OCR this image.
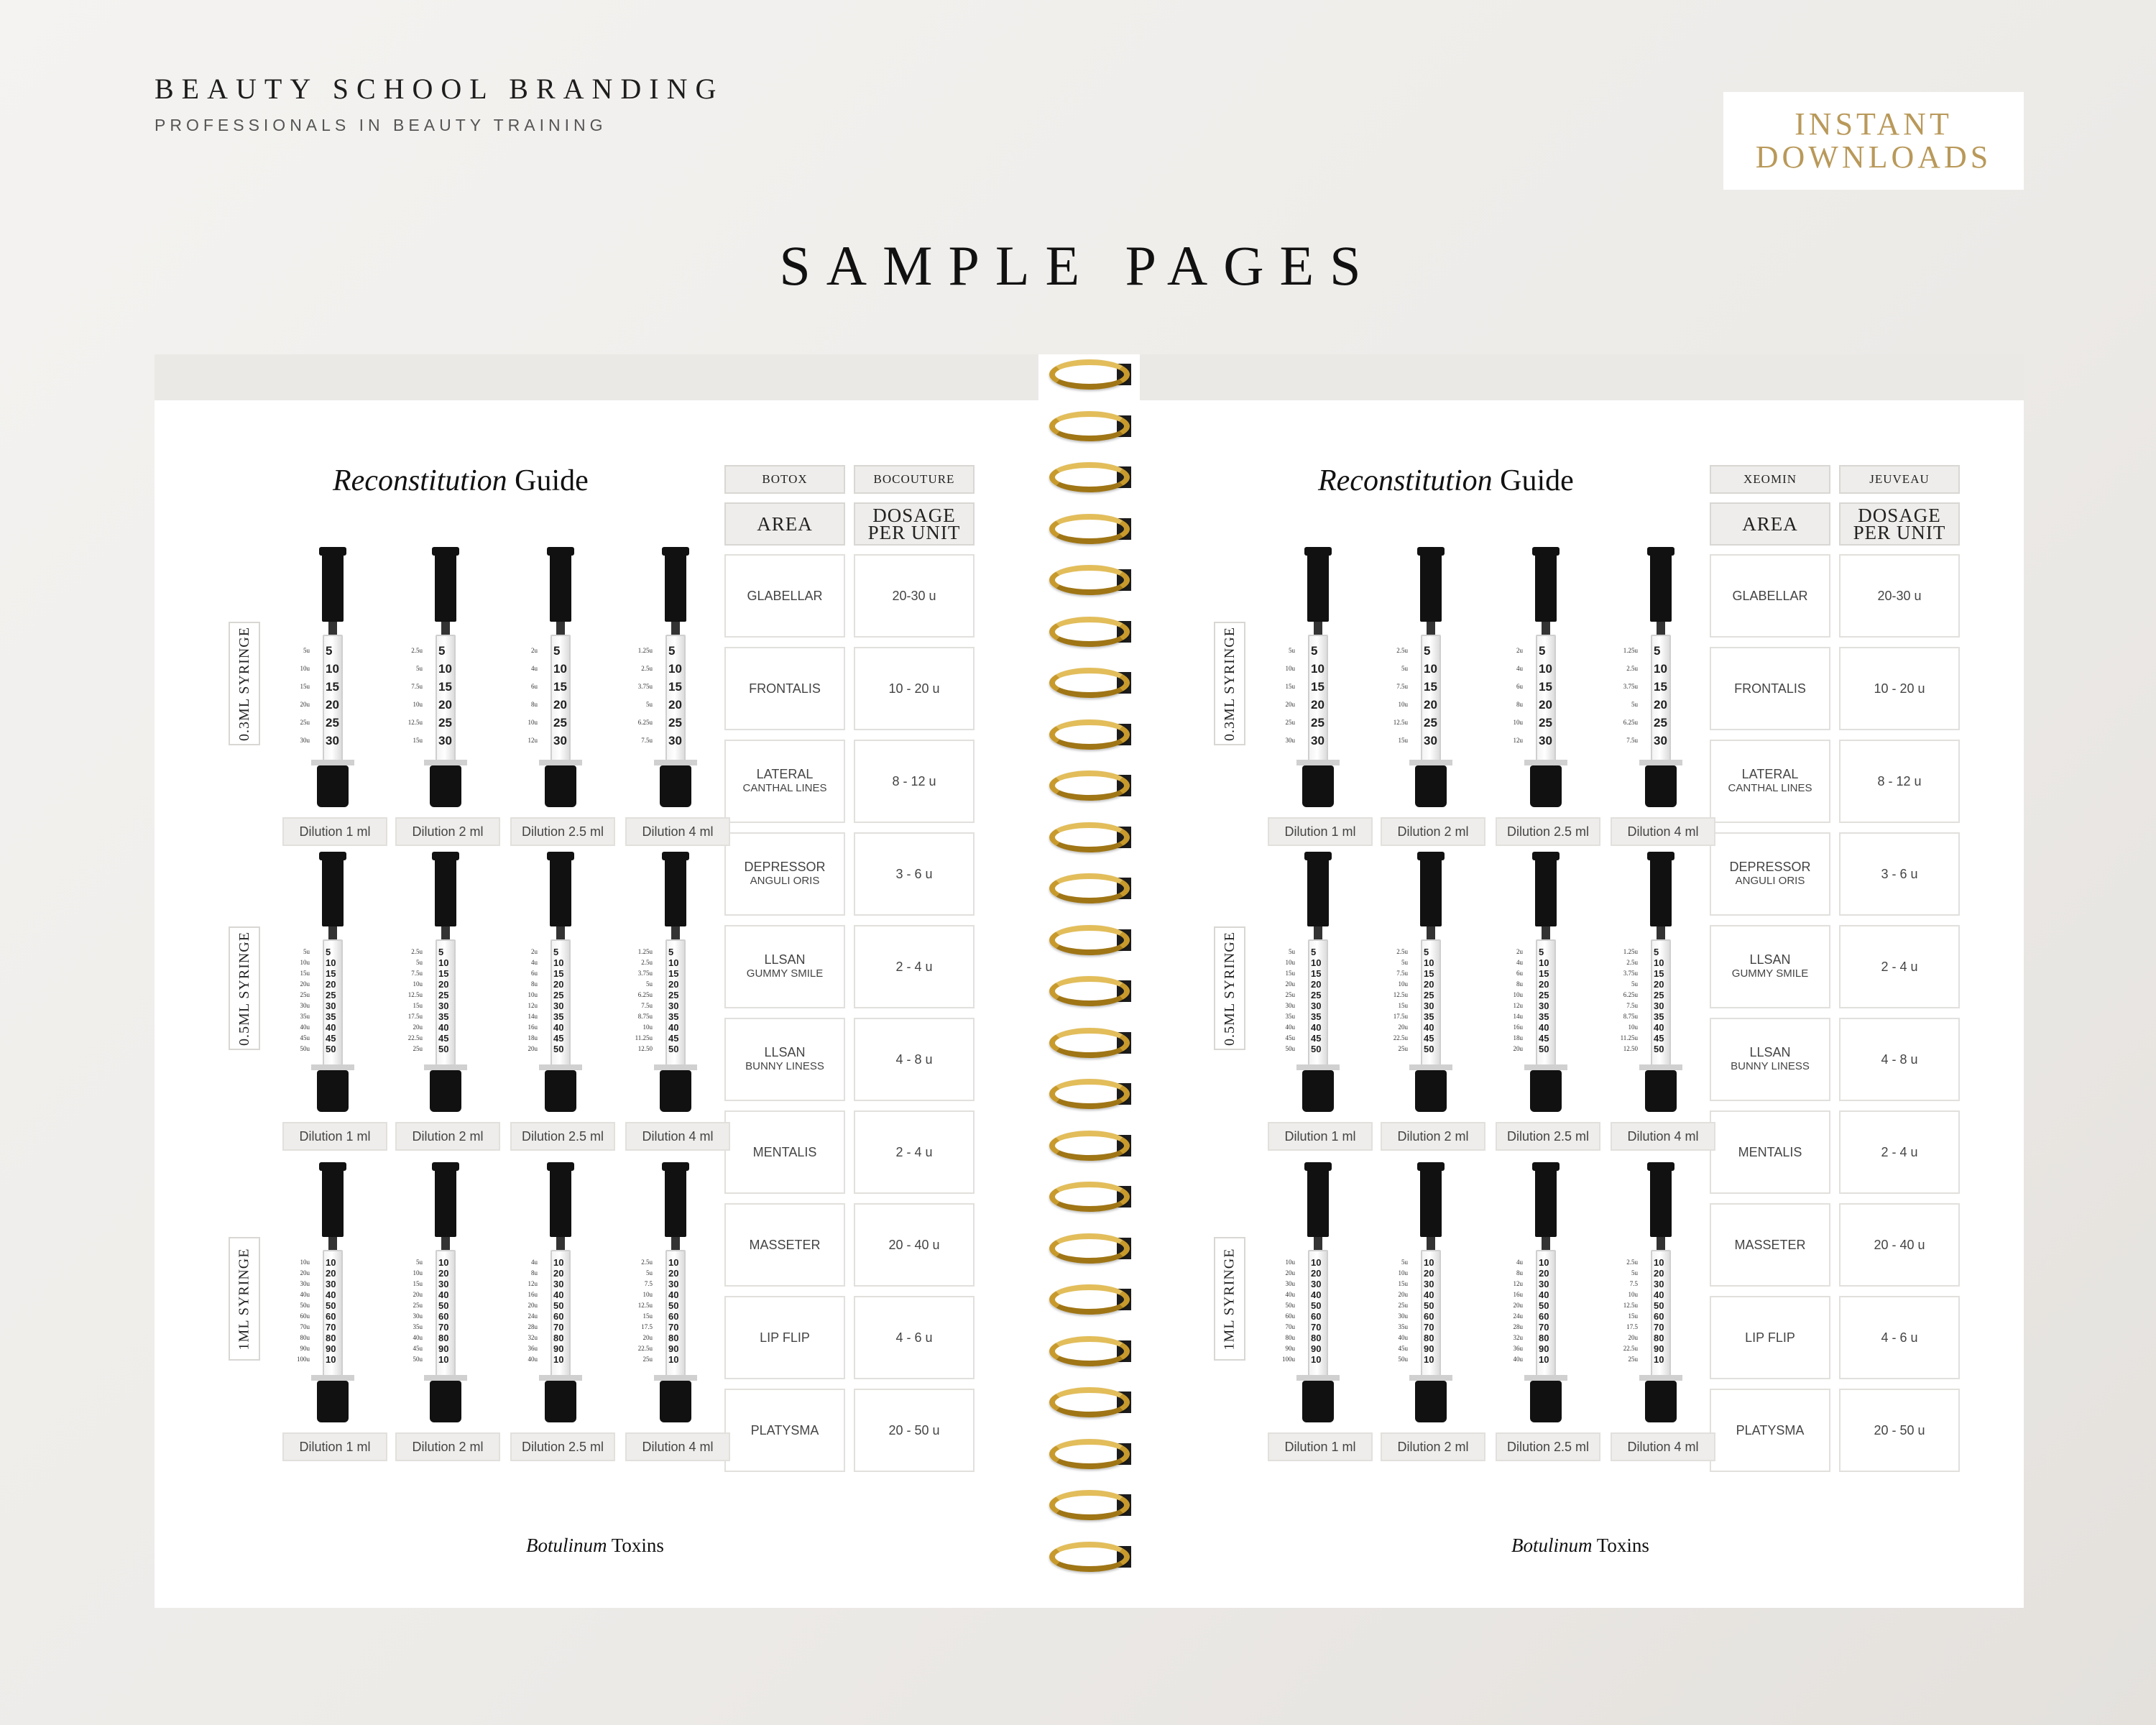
BEAUTY SCHOOL BRANDING
PROFESSIONALS IN BEAUTY TRAINING	INSTANT
DOWNLOADS
SAMPLE PAGES
Reconstitution Guide	BOTOX	BOCOUTURE
AREA	DOSAGE
PER UNIT
GLABELLAR	20-30 u
FRONTALIS	10 - 20 u
LATERAL
CANTHAL LINES	8 - 12 u
DEPRESSOR
ANGULI ORIS	3 - 6 u
LLSAN
GUMMY SMILE	2 - 4 u
LLSAN
BUNNY LINESS	4 - 8 u
MENTALIS	2 - 4 u
MASSETER	20 - 40 u
LIP FLIP	4 - 6 u
PLATYSMA	20 - 50 u
0.3ML SYRINGE	5
10
15
20
25
30
5u
10u
15u
20u
25u
30u
Dilution 1 ml
5
10
15
20
25
30
2.5u
5u
7.5u
10u
12.5u
15u
Dilution 2 ml
5
10
15
20
25
30
2u
4u
6u
8u
10u
12u
Dilution 2.5 ml
5
10
15
20
25
30
1.25u
2.5u
3.75u
5u
6.25u
7.5u
Dilution 4 ml
0.5ML SYRINGE	5
10
15
20
25
30
35
40
45
50
5u
10u
15u
20u
25u
30u
35u
40u
45u
50u
Dilution 1 ml
5
10
15
20
25
30
35
40
45
50
2.5u
5u
7.5u
10u
12.5u
15u
17.5u
20u
22.5u
25u
Dilution 2 ml
5
10
15
20
25
30
35
40
45
50
2u
4u
6u
8u
10u
12u
14u
16u
18u
20u
Dilution 2.5 ml
5
10
15
20
25
30
35
40
45
50
1.25u
2.5u
3.75u
5u
6.25u
7.5u
8.75u
10u
11.25u
12.50
Dilution 4 ml
1ML SYRINGE	10
20
30
40
50
60
70
80
90
10
10u
20u
30u
40u
50u
60u
70u
80u
90u
100u
Dilution 1 ml
10
20
30
40
50
60
70
80
90
10
5u
10u
15u
20u
25u
30u
35u
40u
45u
50u
Dilution 2 ml
10
20
30
40
50
60
70
80
90
10
4u
8u
12u
16u
20u
24u
28u
32u
36u
40u
Dilution 2.5 ml
10
20
30
40
50
60
70
80
90
10
2.5u
5u
7.5
10u
12.5u
15u
17.5
20u
22.5u
25u
Dilution 4 ml
Botulinum Toxins
Reconstitution Guide	XEOMIN	JEUVEAU
AREA	DOSAGE
PER UNIT
GLABELLAR	20-30 u
FRONTALIS	10 - 20 u
LATERAL
CANTHAL LINES	8 - 12 u
DEPRESSOR
ANGULI ORIS	3 - 6 u
LLSAN
GUMMY SMILE	2 - 4 u
LLSAN
BUNNY LINESS	4 - 8 u
MENTALIS	2 - 4 u
MASSETER	20 - 40 u
LIP FLIP	4 - 6 u
PLATYSMA	20 - 50 u
0.3ML SYRINGE	5
10
15
20
25
30
5u
10u
15u
20u
25u
30u
Dilution 1 ml
5
10
15
20
25
30
2.5u
5u
7.5u
10u
12.5u
15u
Dilution 2 ml
5
10
15
20
25
30
2u
4u
6u
8u
10u
12u
Dilution 2.5 ml
5
10
15
20
25
30
1.25u
2.5u
3.75u
5u
6.25u
7.5u
Dilution 4 ml
0.5ML SYRINGE	5
10
15
20
25
30
35
40
45
50
5u
10u
15u
20u
25u
30u
35u
40u
45u
50u
Dilution 1 ml
5
10
15
20
25
30
35
40
45
50
2.5u
5u
7.5u
10u
12.5u
15u
17.5u
20u
22.5u
25u
Dilution 2 ml
5
10
15
20
25
30
35
40
45
50
2u
4u
6u
8u
10u
12u
14u
16u
18u
20u
Dilution 2.5 ml
5
10
15
20
25
30
35
40
45
50
1.25u
2.5u
3.75u
5u
6.25u
7.5u
8.75u
10u
11.25u
12.50
Dilution 4 ml
1ML SYRINGE	10
20
30
40
50
60
70
80
90
10
10u
20u
30u
40u
50u
60u
70u
80u
90u
100u
Dilution 1 ml
10
20
30
40
50
60
70
80
90
10
5u
10u
15u
20u
25u
30u
35u
40u
45u
50u
Dilution 2 ml
10
20
30
40
50
60
70
80
90
10
4u
8u
12u
16u
20u
24u
28u
32u
36u
40u
Dilution 2.5 ml
10
20
30
40
50
60
70
80
90
10
2.5u
5u
7.5
10u
12.5u
15u
17.5
20u
22.5u
25u
Dilution 4 ml
Botulinum Toxins
